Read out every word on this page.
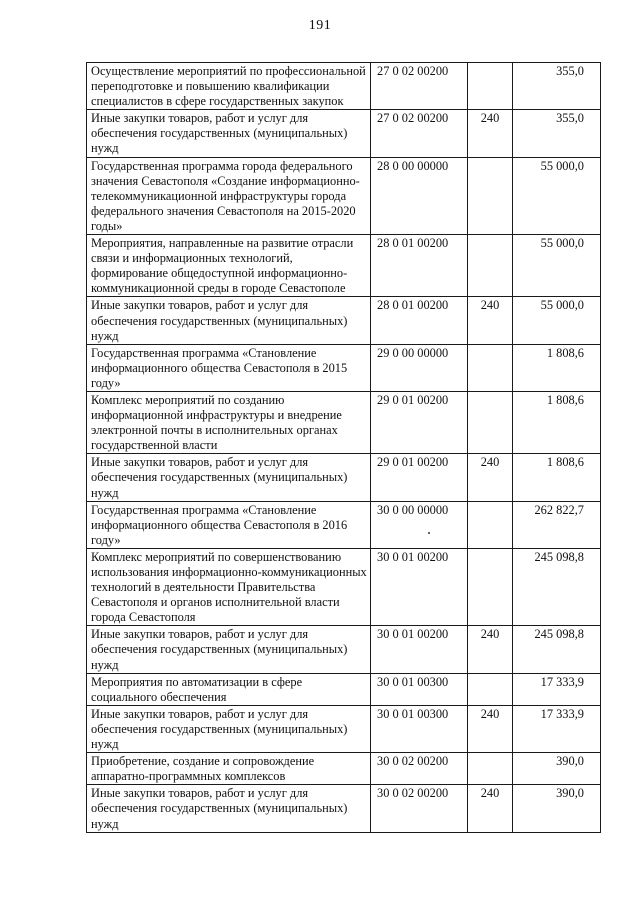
191
Осуществление мероприятий по профессиональной переподготовке и повышению квалификации специалистов в сфере государственных закупок	27 0 02 00200		355,0
Иные закупки товаров, работ и услуг для обеспечения государственных (муниципальных) нужд	27 0 02 00200	240	355,0
Государственная программа города федерального значения Севастополя «Создание информационно-телекоммуникационной инфраструктуры города федерального значения Севастополя на 2015-2020 годы»	28 0 00 00000		55 000,0
Мероприятия, направленные на развитие отрасли связи и информационных технологий, формирование общедоступной информационно-коммуникационной среды в городе Севастополе	28 0 01 00200		55 000,0
Иные закупки товаров, работ и услуг для обеспечения государственных (муниципальных) нужд	28 0 01 00200	240	55 000,0
Государственная программа «Становление информационного общества Севастополя в 2015 году»	29 0 00 00000		1 808,6
Комплекс мероприятий по созданию информационной инфраструктуры и внедрение электронной почты в исполнительных органах государственной власти	29 0 01 00200		1 808,6
Иные закупки товаров, работ и услуг для обеспечения государственных (муниципальных) нужд	29 0 01 00200	240	1 808,6
Государственная программа «Становление информационного общества Севастополя в 2016 году»	30 0 00 00000		262 822,7
Комплекс мероприятий по совершенствованию использования информационно-коммуникационных технологий в деятельности Правительства Севастополя и органов исполнительной власти города Севастополя	30 0 01 00200		245 098,8
Иные закупки товаров, работ и услуг для обеспечения государственных (муниципальных) нужд	30 0 01 00200	240	245 098,8
Мероприятия по автоматизации в сфере социального обеспечения	30 0 01 00300		17 333,9
Иные закупки товаров, работ и услуг для обеспечения государственных (муниципальных) нужд	30 0 01 00300	240	17 333,9
Приобретение, создание и сопровождение аппаратно-программных комплексов	30 0 02 00200		390,0
Иные закупки товаров, работ и услуг для обеспечения государственных (муниципальных) нужд	30 0 02 00200	240	390,0
